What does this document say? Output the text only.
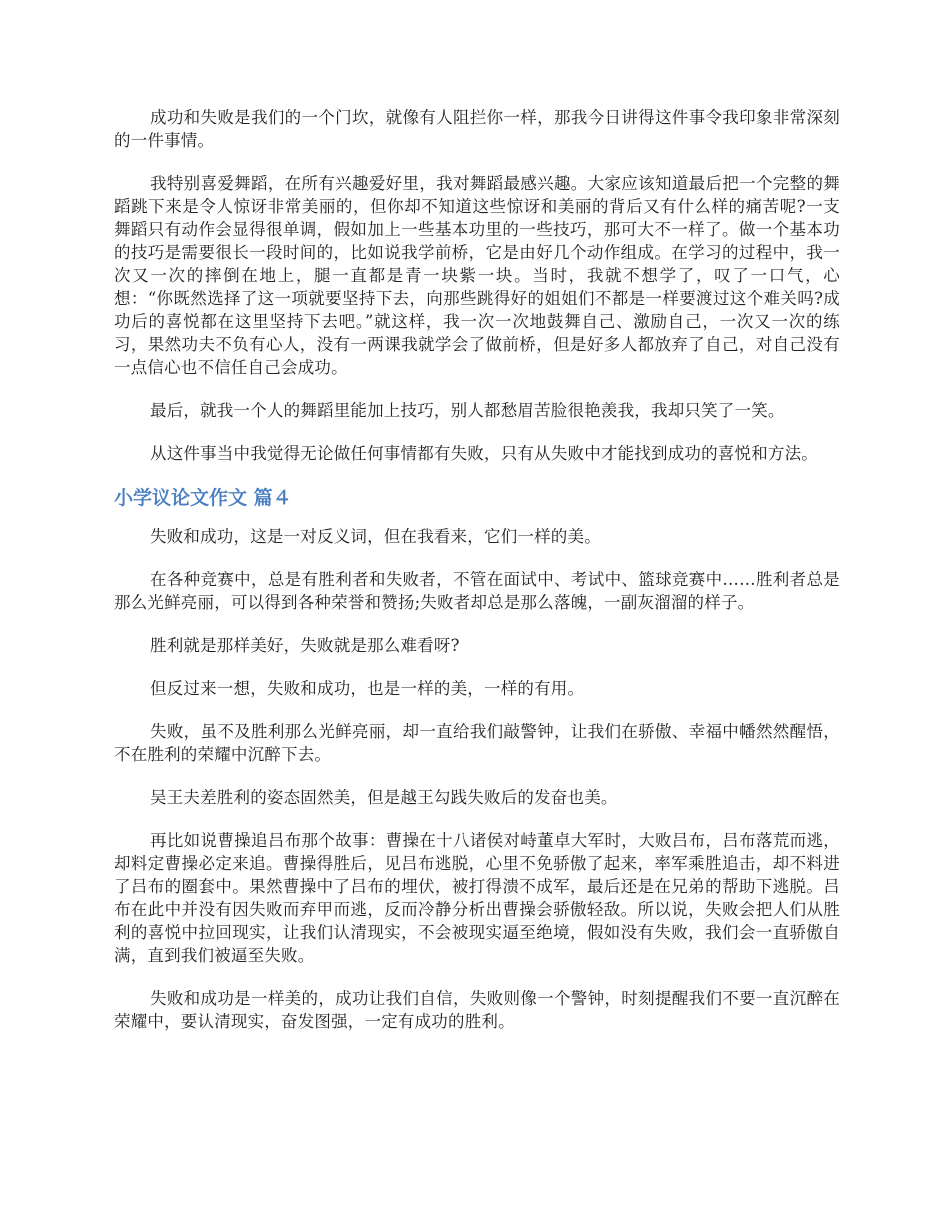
成功和失败是我们的一个门坎，就像有人阻拦你一样，那我今日讲得这件事令我印象非常深刻的一件事情。

我特别喜爱舞蹈，在所有兴趣爱好里，我对舞蹈最感兴趣。大家应该知道最后把一个完整的舞蹈跳下来是令人惊讶非常美丽的，但你却不知道这些惊讶和美丽的背后又有什么样的痛苦呢?一支舞蹈只有动作会显得很单调，假如加上一些基本功里的一些技巧，那可大不一样了。做一个基本功的技巧是需要很长一段时间的，比如说我学前桥，它是由好几个动作组成。在学习的过程中，我一次又一次的摔倒在地上，腿一直都是青一块紫一块。当时，我就不想学了，叹了一口气，心想：“你既然选择了这一项就要坚持下去，向那些跳得好的姐姐们不都是一样要渡过这个难关吗?成功后的喜悦都在这里坚持下去吧。”就这样，我一次一次地鼓舞自己、激励自己，一次又一次的练习，果然功夫不负有心人，没有一两课我就学会了做前桥，但是好多人都放弃了自己，对自己没有一点信心也不信任自己会成功。

最后，就我一个人的舞蹈里能加上技巧，别人都愁眉苦脸很艳羡我，我却只笑了一笑。

从这件事当中我觉得无论做任何事情都有失败，只有从失败中才能找到成功的喜悦和方法。

小学议论文作文 篇４

失败和成功，这是一对反义词，但在我看来，它们一样的美。

在各种竞赛中，总是有胜利者和失败者，不管在面试中、考试中、篮球竞赛中……胜利者总是那么光鲜亮丽，可以得到各种荣誉和赞扬;失败者却总是那么落魄，一副灰溜溜的样子。

胜利就是那样美好，失败就是那么难看呀?

但反过来一想，失败和成功，也是一样的美，一样的有用。

失败，虽不及胜利那么光鲜亮丽，却一直给我们敲警钟，让我们在骄傲、幸福中幡然然醒悟，不在胜利的荣耀中沉醉下去。

吴王夫差胜利的姿态固然美，但是越王勾践失败后的发奋也美。

再比如说曹操追吕布那个故事：曹操在十八诸侯对峙董卓大军时，大败吕布，吕布落荒而逃，却料定曹操必定来追。曹操得胜后，见吕布逃脱，心里不免骄傲了起来，率军乘胜追击，却不料进了吕布的圈套中。果然曹操中了吕布的埋伏，被打得溃不成军，最后还是在兄弟的帮助下逃脱。吕布在此中并没有因失败而弃甲而逃，反而冷静分析出曹操会骄傲轻敌。所以说，失败会把人们从胜利的喜悦中拉回现实，让我们认清现实，不会被现实逼至绝境，假如没有失败，我们会一直骄傲自满，直到我们被逼至失败。

失败和成功是一样美的，成功让我们自信，失败则像一个警钟，时刻提醒我们不要一直沉醉在荣耀中，要认清现实，奋发图强，一定有成功的胜利。
